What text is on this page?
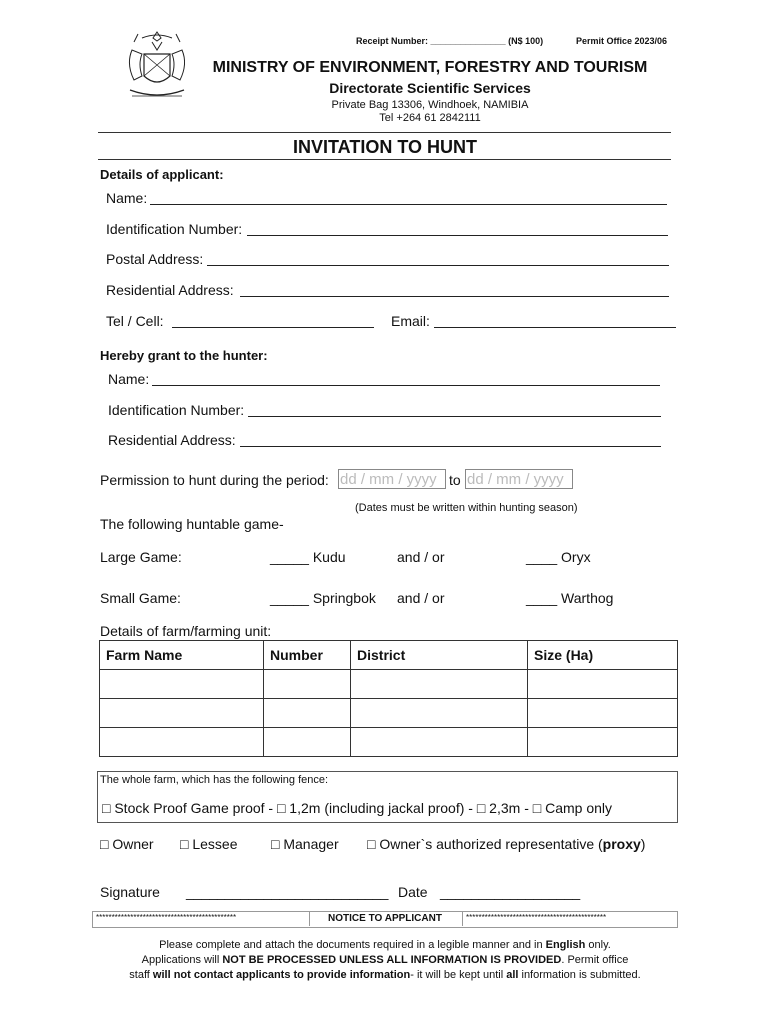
Receipt Number: _______________ (N$ 100)	Permit Office 2023/06
MINISTRY OF ENVIRONMENT, FORESTRY AND TOURISM
Directorate Scientific Services
Private Bag 13306, Windhoek, NAMIBIA
Tel +264 61 2842111
INVITATION TO HUNT
Details of applicant:
Name:
Identification Number:
Postal Address:
Residential Address:
Tel / Cell:	Email:
Hereby grant to the hunter:
Name:
Identification Number:
Residential Address:
Permission to hunt during the period: dd / mm / yyyy to dd / mm / yyyy
(Dates must be written within hunting season)
The following huntable game-
Large Game:	_____ Kudu	and / or	____ Oryx
Small Game:	_____ Springbok and / or	____ Warthog
Details of farm/farming unit:
Farm Name	Number	District	Size (Ha)

The whole farm, which has the following fence:
□ Stock Proof Game proof - □ 1,2m (including jackal proof) - □ 2,3m - □ Camp only
□ Owner □ Lessee □ Manager □ Owner`s authorized representative (proxy)
Signature __________________________ Date __________________
*********************************************	NOTICE TO APPLICANT	*********************************************
Please complete and attach the documents required in a legible manner and in English only.
Applications will NOT BE PROCESSED UNLESS ALL INFORMATION IS PROVIDED. Permit office
staff will not contact applicants to provide information- it will be kept until all information is submitted.
